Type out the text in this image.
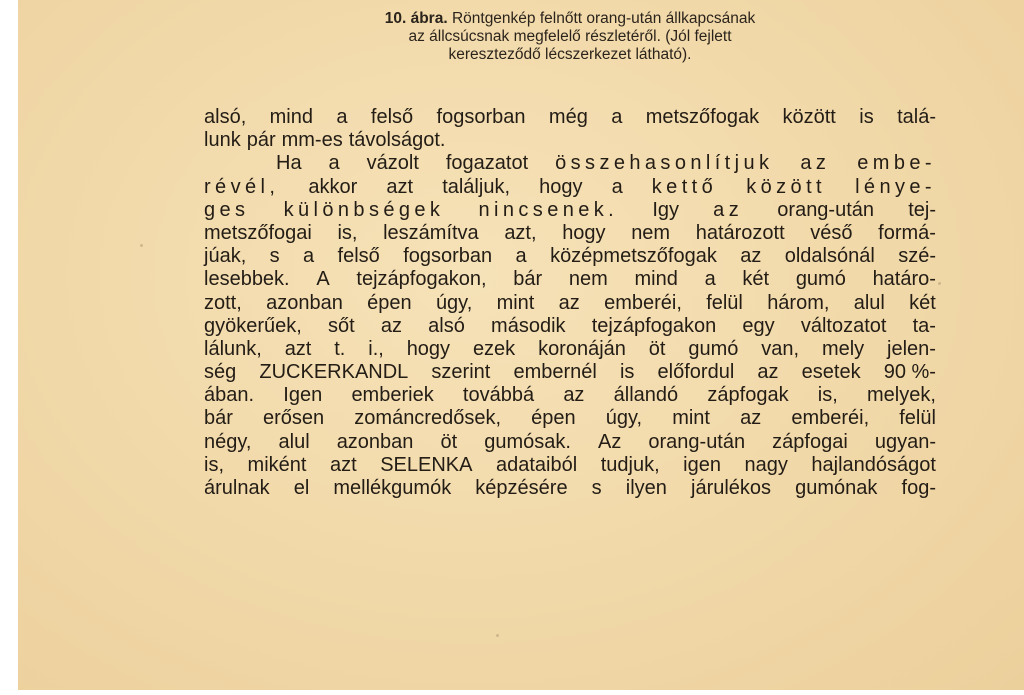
10. ábra. Röntgenkép felnőtt orang-után állkapcsának
az állcsúcsnak megfelelő részletéről. (Jól fejlett
kereszteződő lécszerkezet látható).
alsó, mind a felső fogsorban még a metszőfogak között is talá-
lunk pár mm-es távolságot.
Ha a vázolt fogazatot összehasonlítjuk az embe-
révél, akkor azt találjuk, hogy a kettő között lénye-
ges különbségek nincsenek. Igy az orang-után tej-
metszőfogai is, leszámítva azt, hogy nem határozott véső formá-
júak, s a felső fogsorban a középmetszőfogak az oldalsónál szé-
lesebbek. A tejzápfogakon, bár nem mind a két gumó határo-
zott, azonban épen úgy, mint az emberéi, felül három, alul két
gyökerűek, sőt az alsó második tejzápfogakon egy változatot ta-
lálunk, azt t. i., hogy ezek koronáján öt gumó van, mely jelen-
ség ZUCKERKANDL szerint embernél is előfordul az esetek 90 %-
ában. Igen emberiek továbbá az állandó zápfogak is, melyek,
bár erősen zománcredősek, épen úgy, mint az emberéi, felül
négy, alul azonban öt gumósak. Az orang-után zápfogai ugyan-
is, miként azt SELENKA adataiból tudjuk, igen nagy hajlandóságot
árulnak el mellékgumók képzésére s ilyen járulékos gumónak fog-
